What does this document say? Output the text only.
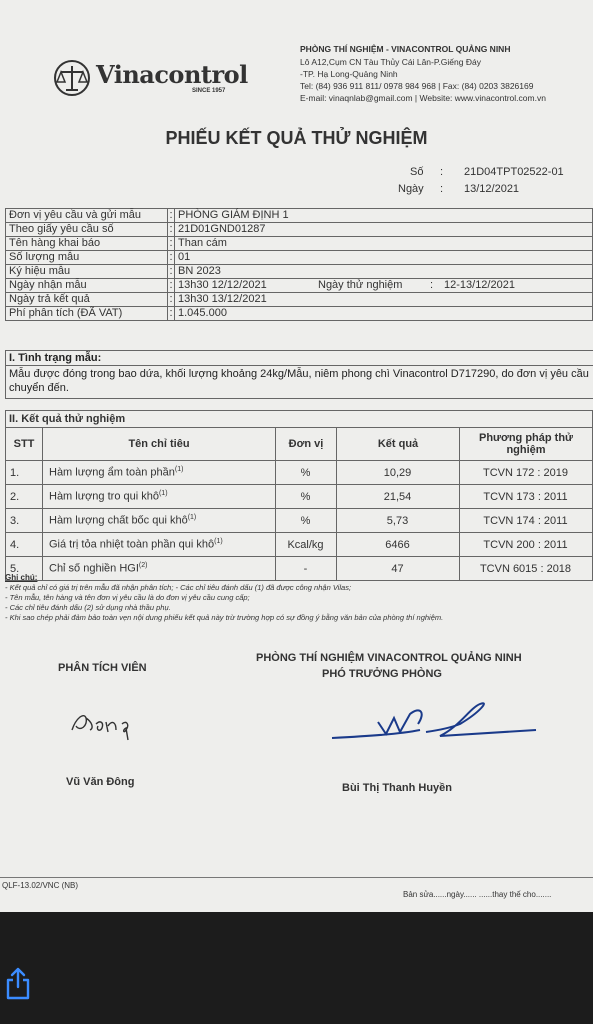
Vinacontrol
SINCE 1957
PHÒNG THÍ NGHIỆM - VINACONTROL QUẢNG NINH
Lô A12,Cụm CN Tàu Thủy Cái Lân-P.Giếng Đáy
-TP. Hạ Long-Quảng Ninh
Tel: (84) 936 911 811/ 0978 984 968 | Fax: (84) 0203 3826169
E-mail: vinaqnlab@gmail.com | Website: www.vinacontrol.com.vn
PHIẾU KẾT QUẢ THỬ NGHIỆM
Số : 21D04TPT02522-01
Ngày : 13/12/2021
Đơn vị yêu cầu và gửi mẫu	:	PHÒNG GIÁM ĐỊNH 1
Theo giấy yêu cầu số	:	21D01GND01287
Tên hàng khai báo	:	Than cám
Số lượng mẫu	:	01
Ký hiệu mẫu	:	BN 2023
Ngày nhận mẫu	:	13h30 12/12/2021 Ngày thử nghiệm : 12-13/12/2021
Ngày trả kết quả	:	13h30 13/12/2021
Phí phân tích (ĐÃ VAT)	:	1.045.000
I. Tình trạng mẫu:
Mẫu được đóng trong bao dứa, khối lượng khoảng 24kg/Mẫu, niêm phong chì Vinacontrol D717290, do đơn vị yêu cầu chuyển đến.
II. Kết quả thử nghiệm				
STT	Tên chỉ tiêu	Đơn vị	Kết quả	Phương pháp thử nghiệm
1.	Hàm lượng ẩm toàn phần$^{(1)}$	%	10,29	TCVN 172 : 2019
2.	Hàm lượng tro qui khô$^{(1)}$	%	21,54	TCVN 173 : 2011
3.	Hàm lượng chất bốc qui khô$^{(1)}$	%	5,73	TCVN 174 : 2011
4.	Giá trị tỏa nhiệt toàn phần qui khô$^{(1)}$	Kcal/kg	6466	TCVN 200 : 2011
5.	Chỉ số nghiền HGI$^{(2)}$	-	47	TCVN 6015 : 2018
Ghi chú:
- Kết quả chỉ có giá trị trên mẫu đã nhận phân tích; - Các chỉ tiêu đánh dấu (1) đã được công nhận Vilas;
- Tên mẫu, tên hàng và tên đơn vị yêu cầu là do đơn vị yêu cầu cung cấp;
- Các chỉ tiêu đánh dấu (2) sử dụng nhà thầu phụ.
- Khi sao chép phải đảm bảo toàn vẹn nội dung phiếu kết quả này trừ trường hợp có sự đồng ý bằng văn bản của phòng thí nghiệm.
PHÂN TÍCH VIÊN
PHÒNG THÍ NGHIỆM VINACONTROL QUẢNG NINH
PHÓ TRƯỞNG PHÒNG
Vũ Văn Đông	Bùi Thị Thanh Huyền
QLF-13.02/VNC (NB)
Bản sửa......ngày...... ......thay thế cho.......
